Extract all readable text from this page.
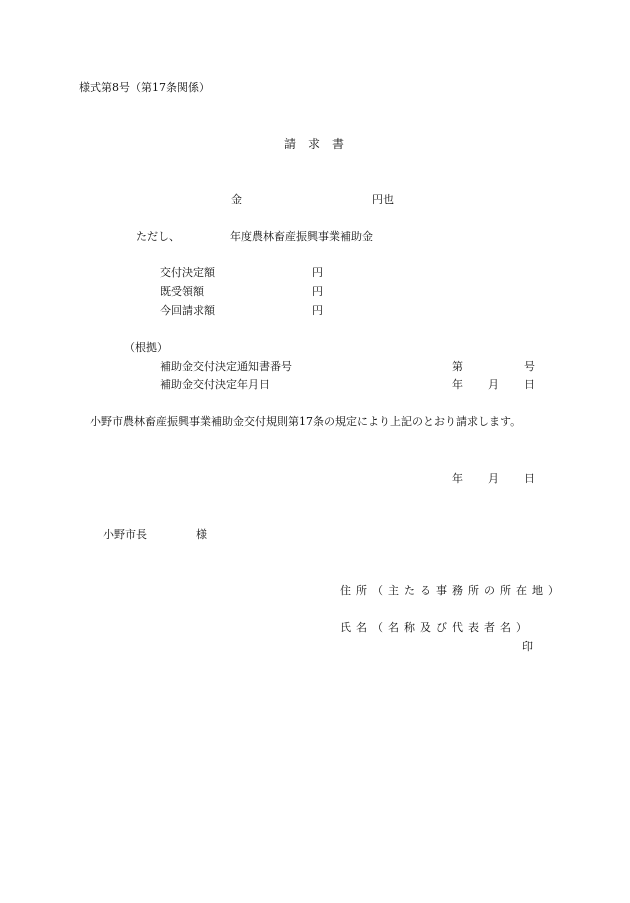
様式第8号（第17条関係）
請求書
金	円也
ただし、	年度農林畜産振興事業補助金
交付決定額	円
既受領額	円
今回請求額	円
（根拠）
補助金交付決定通知書番号	第	号
補助金交付決定年月日	年 月 日
小野市農林畜産振興事業補助金交付規則第17条の規定により上記のとおり請求します。
年 月 日
小野市長	様
住所（主たる事務所の所在地）
氏名（名称及び代表者名）
印
